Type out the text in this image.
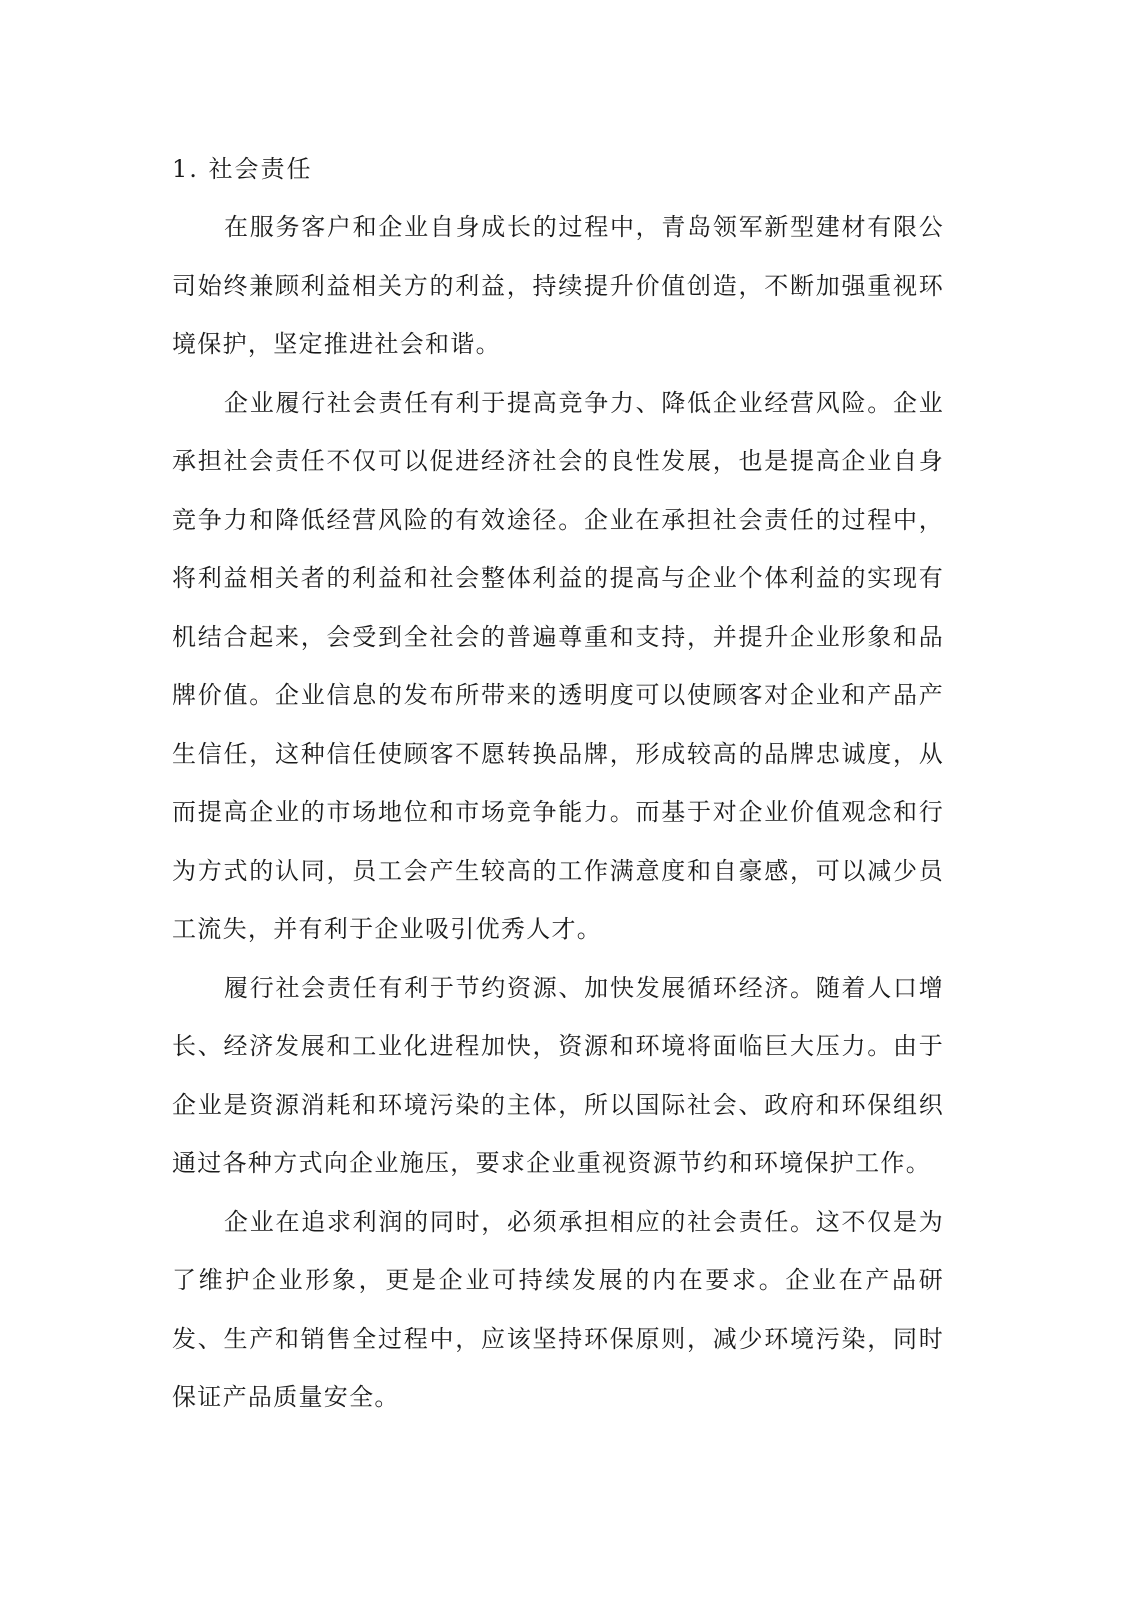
1. 社会责任

在服务客户和企业自身成长的过程中，青岛领军新型建材有限公司始终兼顾利益相关方的利益，持续提升价值创造，不断加强重视环境保护，坚定推进社会和谐。

企业履行社会责任有利于提高竞争力、降低企业经营风险。企业承担社会责任不仅可以促进经济社会的良性发展，也是提高企业自身竞争力和降低经营风险的有效途径。企业在承担社会责任的过程中，将利益相关者的利益和社会整体利益的提高与企业个体利益的实现有机结合起来，会受到全社会的普遍尊重和支持，并提升企业形象和品牌价值。企业信息的发布所带来的透明度可以使顾客对企业和产品产生信任，这种信任使顾客不愿转换品牌，形成较高的品牌忠诚度，从而提高企业的市场地位和市场竞争能力。而基于对企业价值观念和行为方式的认同，员工会产生较高的工作满意度和自豪感，可以减少员工流失，并有利于企业吸引优秀人才。

履行社会责任有利于节约资源、加快发展循环经济。随着人口增长、经济发展和工业化进程加快，资源和环境将面临巨大压力。由于企业是资源消耗和环境污染的主体，所以国际社会、政府和环保组织通过各种方式向企业施压，要求企业重视资源节约和环境保护工作。

企业在追求利润的同时，必须承担相应的社会责任。这不仅是为了维护企业形象，更是企业可持续发展的内在要求。企业在产品研发、生产和销售全过程中，应该坚持环保原则，减少环境污染，同时保证产品质量安全。
